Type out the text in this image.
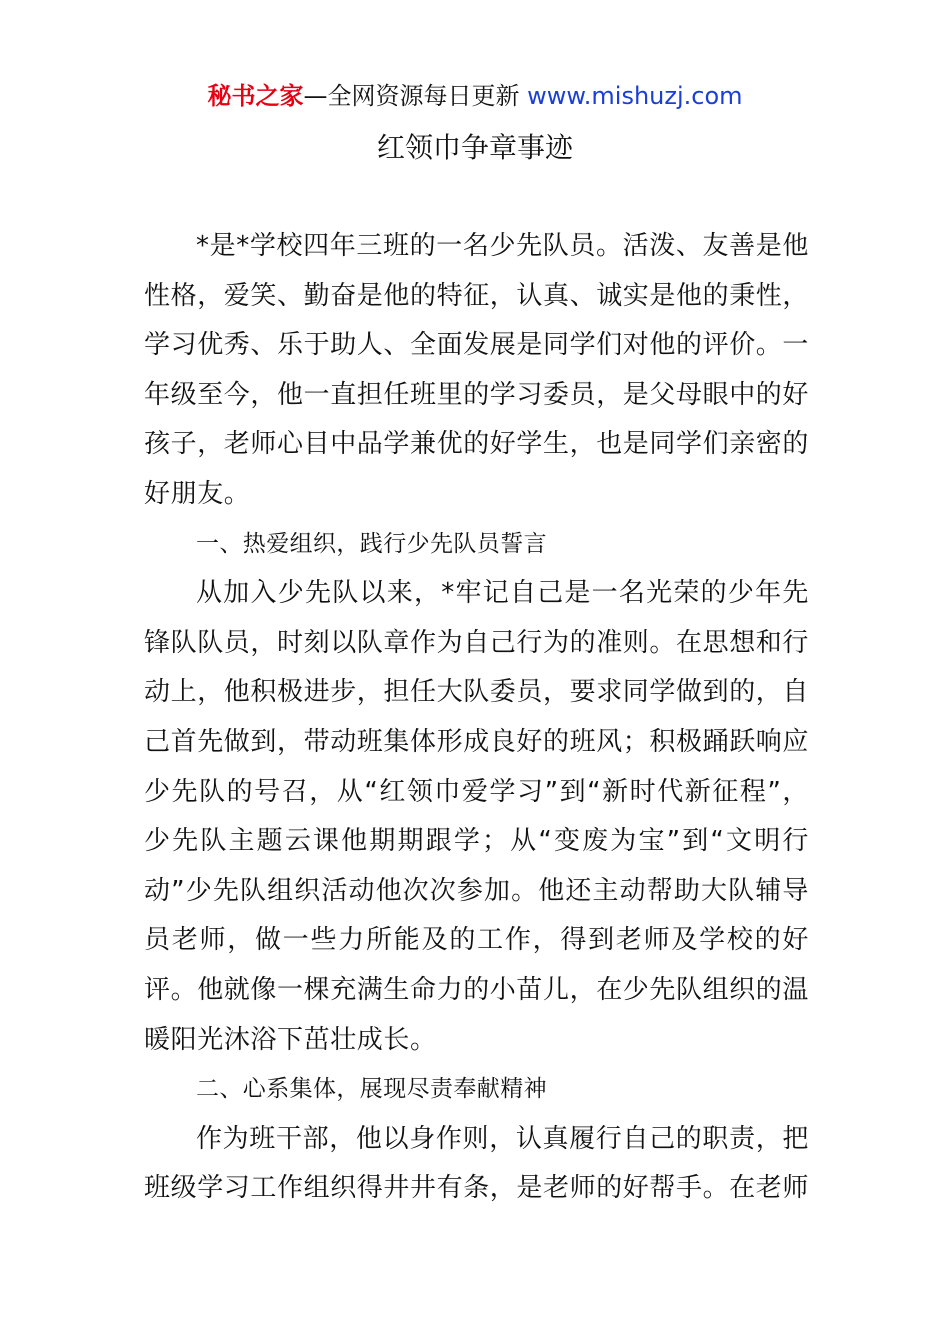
秘书之家—全网资源每日更新 www.mishuzj.com
红领巾争章事迹

*是*学校四年三班的一名少先队员。活泼、友善是他性格，爱笑、勤奋是他的特征，认真、诚实是他的秉性，学习优秀、乐于助人、全面发展是同学们对他的评价。一年级至今，他一直担任班里的学习委员，是父母眼中的好孩子，老师心目中品学兼优的好学生，也是同学们亲密的好朋友。

一、热爱组织，践行少先队员誓言

从加入少先队以来，*牢记自己是一名光荣的少年先锋队队员，时刻以队章作为自己行为的准则。在思想和行动上，他积极进步，担任大队委员，要求同学做到的，自己首先做到，带动班集体形成良好的班风；积极踊跃响应少先队的号召，从“红领巾爱学习”到“新时代新征程”，少先队主题云课他期期跟学；从“变废为宝”到“文明行动”少先队组织活动他次次参加。他还主动帮助大队辅导员老师，做一些力所能及的工作，得到老师及学校的好评。他就像一棵充满生命力的小苗儿，在少先队组织的温暖阳光沐浴下茁壮成长。

二、心系集体，展现尽责奉献精神

作为班干部，他以身作则，认真履行自己的职责，把班级学习工作组织得井井有条，是老师的好帮手。在老师
